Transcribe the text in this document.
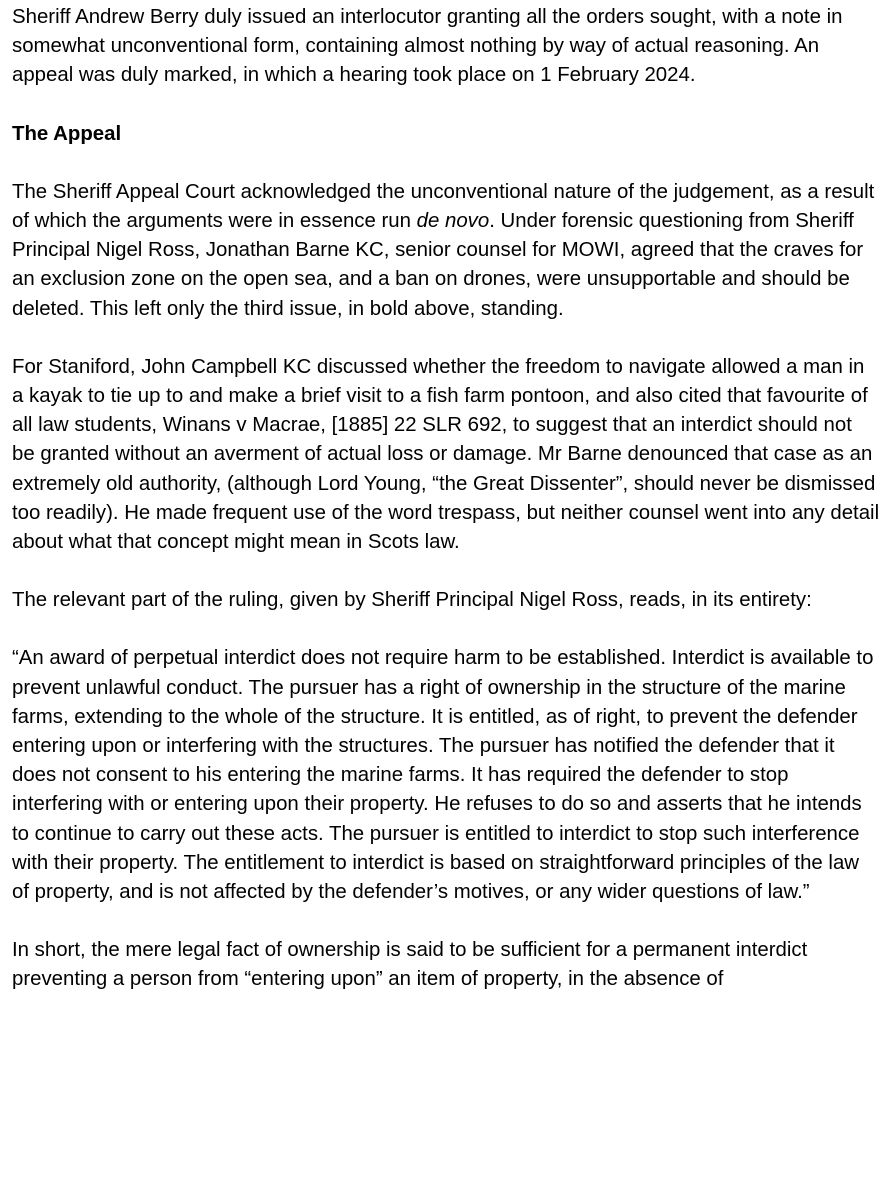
Sheriff Andrew Berry duly issued an interlocutor granting all the orders sought, with a note in somewhat unconventional form, containing almost nothing by way of actual reasoning. An appeal was duly marked, in which a hearing took place on 1 February 2024.

The Appeal

The Sheriff Appeal Court acknowledged the unconventional nature of the judgement, as a result of which the arguments were in essence run de novo. Under forensic questioning from Sheriff Principal Nigel Ross, Jonathan Barne KC, senior counsel for MOWI, agreed that the craves for an exclusion zone on the open sea, and a ban on drones, were unsupportable and should be deleted. This left only the third issue, in bold above, standing.

For Staniford, John Campbell KC discussed whether the freedom to navigate allowed a man in a kayak to tie up to and make a brief visit to a fish farm pontoon, and also cited that favourite of all law students, Winans v Macrae, [1885] 22 SLR 692, to suggest that an interdict should not be granted without an averment of actual loss or damage. Mr Barne denounced that case as an extremely old authority, (although Lord Young, “the Great Dissenter”, should never be dismissed too readily). He made frequent use of the word trespass, but neither counsel went into any detail about what that concept might mean in Scots law.

The relevant part of the ruling, given by Sheriff Principal Nigel Ross, reads, in its entirety:

“An award of perpetual interdict does not require harm to be established. Interdict is available to prevent unlawful conduct. The pursuer has a right of ownership in the structure of the marine farms, extending to the whole of the structure. It is entitled, as of right, to prevent the defender entering upon or interfering with the structures. The pursuer has notified the defender that it does not consent to his entering the marine farms. It has required the defender to stop interfering with or entering upon their property. He refuses to do so and asserts that he intends to continue to carry out these acts. The pursuer is entitled to interdict to stop such interference with their property. The entitlement to interdict is based on straightforward principles of the law of property, and is not affected by the defender’s motives, or any wider questions of law.”

In short, the mere legal fact of ownership is said to be sufficient for a permanent interdict preventing a person from “entering upon” an item of property, in the absence of
